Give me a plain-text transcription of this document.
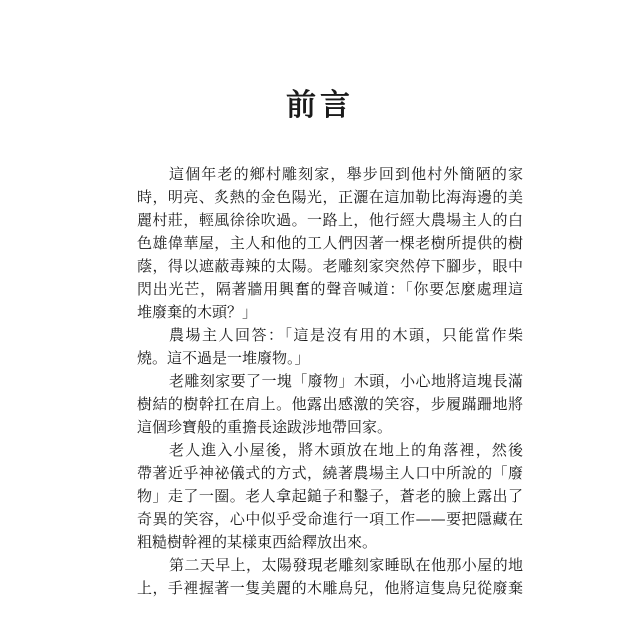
前言
這個年老的鄉村雕刻家，舉步回到他村外簡陋的家
時，明亮、炙熱的金色陽光，正灑在這加勒比海海邊的美
麗村莊，輕風徐徐吹過。一路上，他行經大農場主人的白
色雄偉華屋，主人和他的工人們因著一棵老樹所提供的樹
蔭，得以遮蔽毒辣的太陽。老雕刻家突然停下腳步，眼中
閃出光芒，隔著牆用興奮的聲音喊道：「你要怎麼處理這
堆廢棄的木頭？」
農場主人回答：「這是沒有用的木頭，只能當作柴
燒。這不過是一堆廢物。」
老雕刻家要了一塊「廢物」木頭，小心地將這塊長滿
樹結的樹幹扛在肩上。他露出感激的笑容，步履蹣跚地將
這個珍寶般的重擔長途跋涉地帶回家。
老人進入小屋後，將木頭放在地上的角落裡，然後
帶著近乎神祕儀式的方式，繞著農場主人口中所說的「廢
物」走了一圈。老人拿起鎚子和鑿子，蒼老的臉上露出了
奇異的笑容，心中似乎受命進行一項工作——要把隱藏在
粗糙樹幹裡的某樣東西給釋放出來。
第二天早上，太陽發現老雕刻家睡臥在他那小屋的地
上，手裡握著一隻美麗的木雕鳥兒，他將這隻鳥兒從廢棄
